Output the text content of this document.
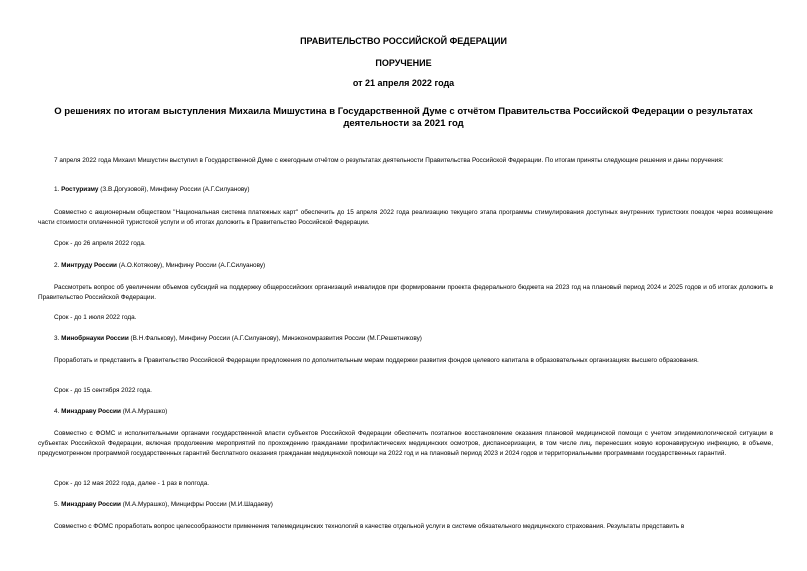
ПРАВИТЕЛЬСТВО РОССИЙСКОЙ ФЕДЕРАЦИИ
ПОРУЧЕНИЕ
от 21 апреля 2022 года
О решениях по итогам выступления Михаила Мишустина в Государственной Думе с отчётом Правительства Российской Федерации о результатах деятельности за 2021 год

7 апреля 2022 года Михаил Мишустин выступил в Государственной Думе с ежегодным отчётом о результатах деятельности Правительства Российской Федерации. По итогам приняты следующие решения и даны поручения:

1. Ростуризму (З.В.Догузовой), Минфину России (А.Г.Силуанову)

Совместно с акционерным обществом "Национальная система платежных карт" обеспечить до 15 апреля 2022 года реализацию текущего этапа программы стимулирования доступных внутренних туристских поездок через возмещение части стоимости оплаченной туристской услуги и об итогах доложить в Правительство Российской Федерации.

Срок - до 26 апреля 2022 года.

2. Минтруду России (А.О.Котякову), Минфину России (А.Г.Силуанову)

Рассмотреть вопрос об увеличении объемов субсидий на поддержку общероссийских организаций инвалидов при формировании проекта федерального бюджета на 2023 год на плановый период 2024 и 2025 годов и об итогах доложить в Правительство Российской Федерации.

Срок - до 1 июля 2022 года.

3. Минобрнауки России (В.Н.Фалькову), Минфину России (А.Г.Силуанову), Минэкономразвития России (М.Г.Решетникову)

Проработать и представить в Правительство Российской Федерации предложения по дополнительным мерам поддержки развития фондов целевого капитала в образовательных организациях высшего образования.

Срок - до 15 сентября 2022 года.

4. Минздраву России (М.А.Мурашко)

Совместно с ФОМС и исполнительными органами государственной власти субъектов Российской Федерации обеспечить поэтапное восстановление оказания плановой медицинской помощи с учетом эпидемиологической ситуации в субъектах Российской Федерации, включая продолжение мероприятий по прохождению гражданами профилактических медицинских осмотров, диспансеризации, в том числе лиц, перенесших новую коронавирусную инфекцию, в объеме, предусмотренном программой государственных гарантий бесплатного оказания гражданам медицинской помощи на 2022 год и на плановый период 2023 и 2024 годов и территориальными программами государственных гарантий.

Срок - до 12 мая 2022 года, далее - 1 раз в полгода.

5. Минздраву России (М.А.Мурашко), Минцифры России (М.И.Шадаеву)

Совместно с ФОМС проработать вопрос целесообразности применения телемедицинских технологий в качестве отдельной услуги в системе обязательного медицинского страхования. Результаты представить в
